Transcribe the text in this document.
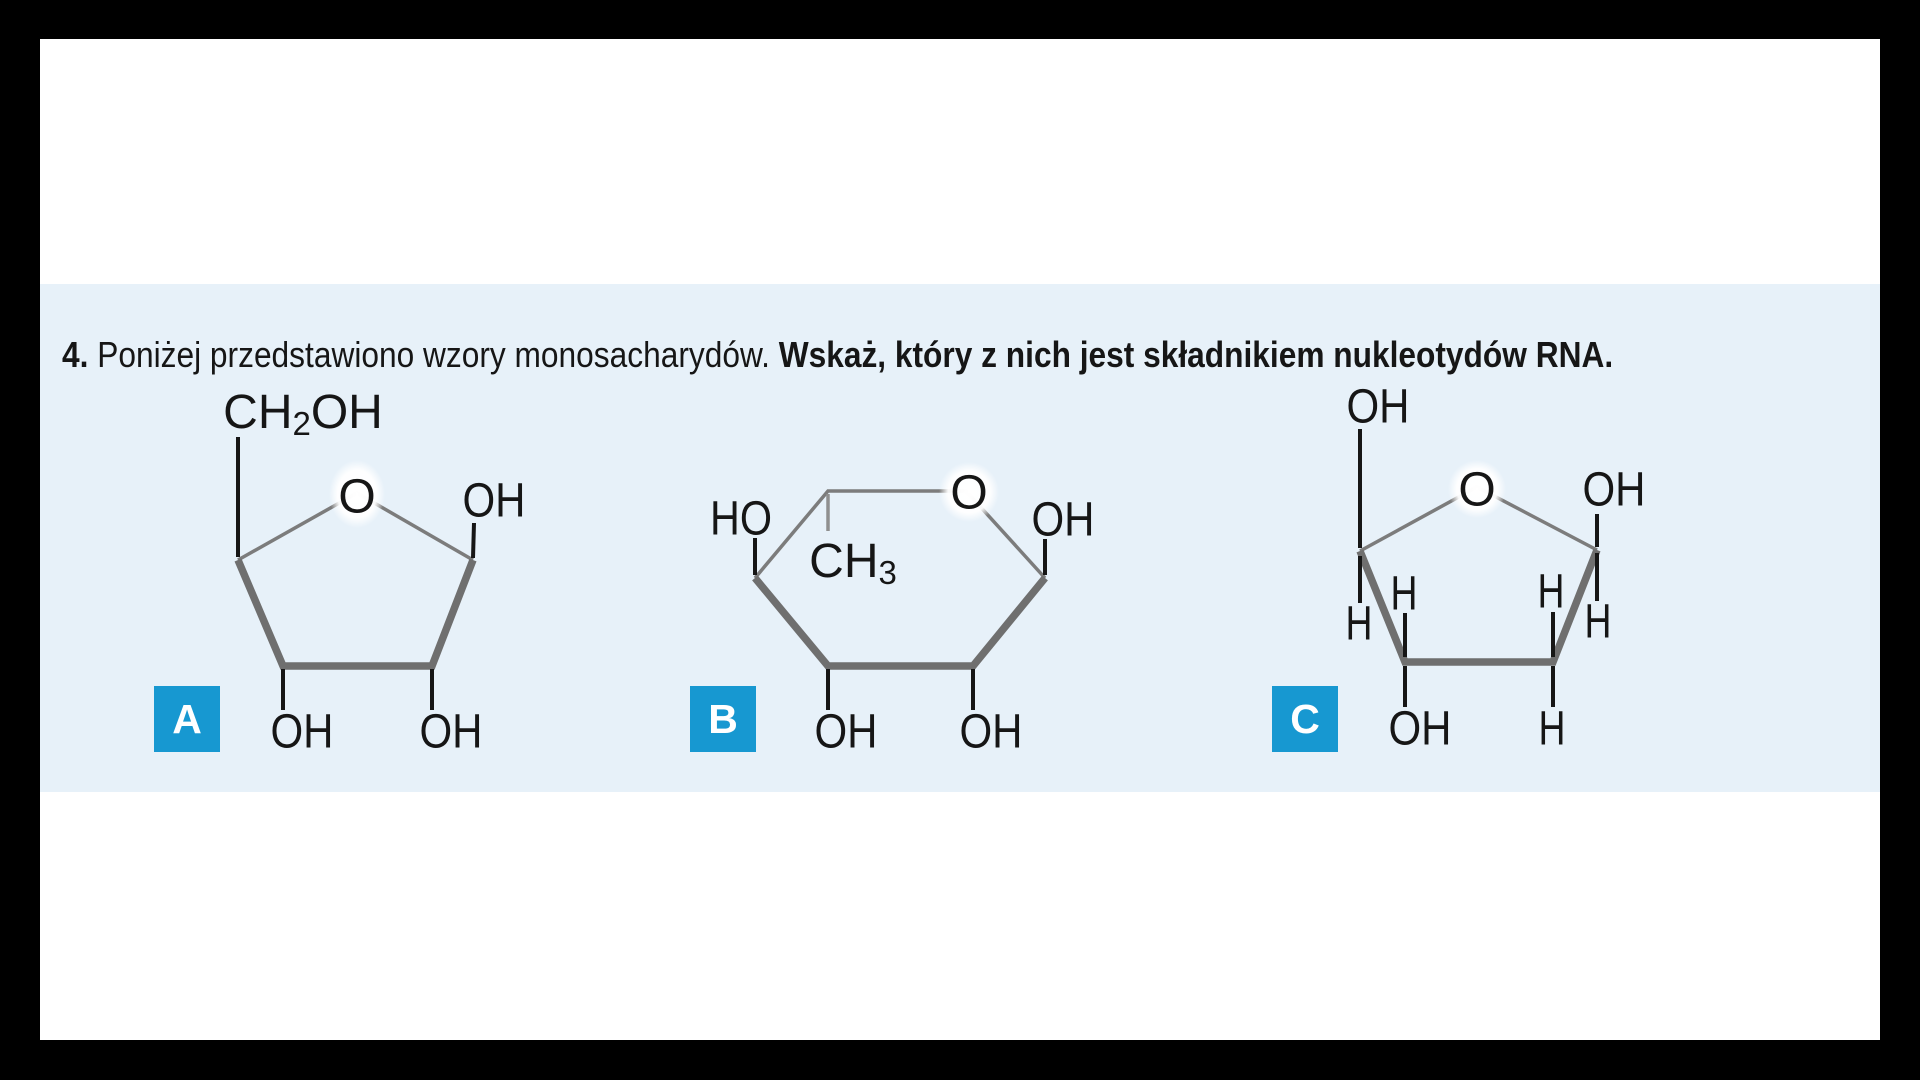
4. Poniżej przedstawiono wzory monosacharydów. Wskaż, który z nich jest składnikiem nukleotydów RNA.

$CH_2OH$
O OH
OH OH
HO
$CH_3$
O
OH
OH OH
OH
O OH
H
H	H
H
OH H
A	B	C
